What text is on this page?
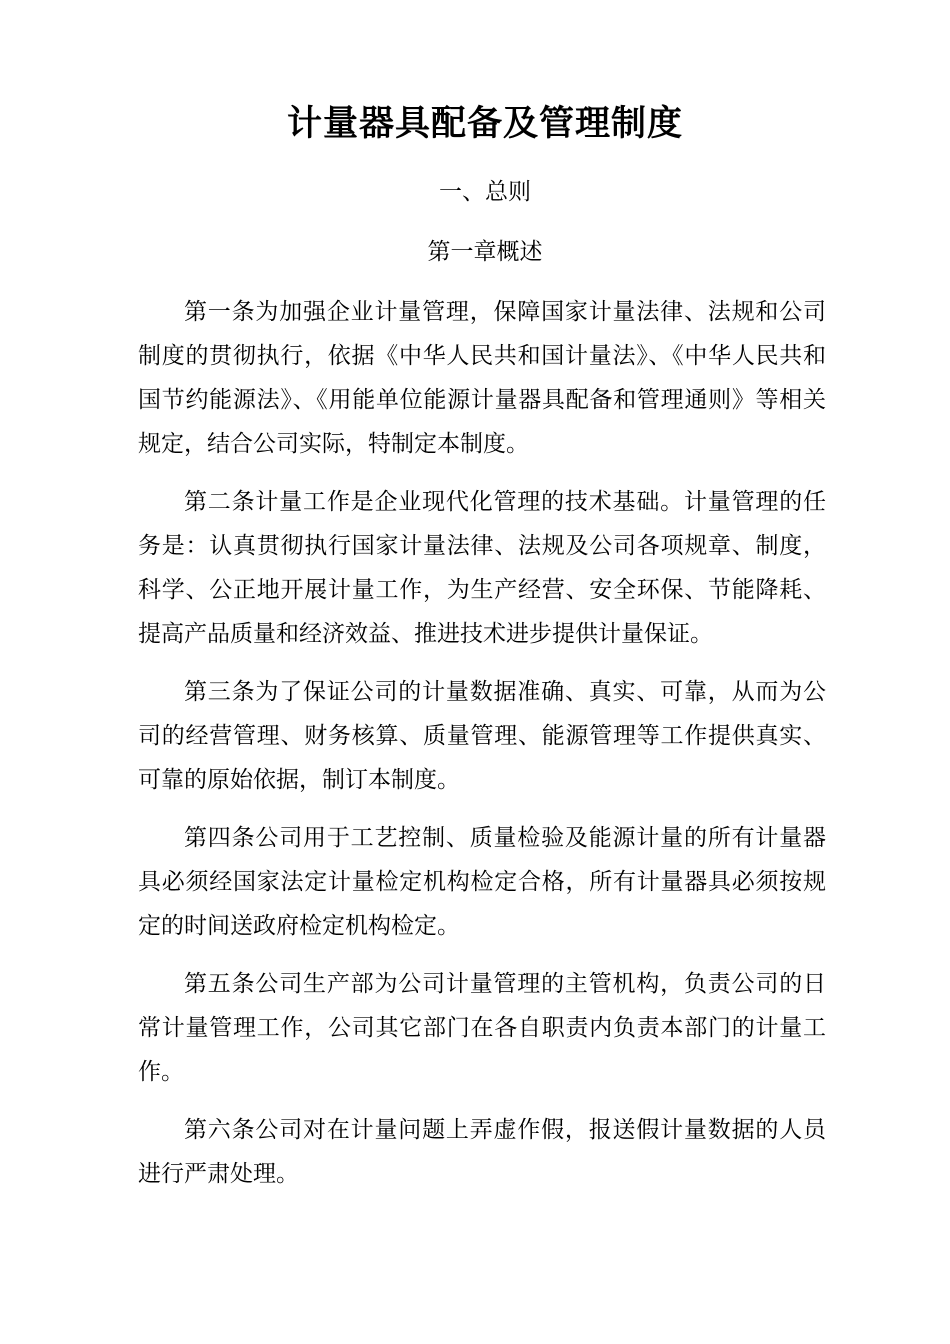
计量器具配备及管理制度

一、总则

第一章概述

第一条为加强企业计量管理，保障国家计量法律、法规和公司制度的贯彻执行，依据《中华人民共和国计量法》、《中华人民共和国节约能源法》、《用能单位能源计量器具配备和管理通则》等相关规定，结合公司实际，特制定本制度。

第二条计量工作是企业现代化管理的技术基础。计量管理的任务是：认真贯彻执行国家计量法律、法规及公司各项规章、制度，科学、公正地开展计量工作，为生产经营、安全环保、节能降耗、提高产品质量和经济效益、推进技术进步提供计量保证。

第三条为了保证公司的计量数据准确、真实、可靠，从而为公司的经营管理、财务核算、质量管理、能源管理等工作提供真实、可靠的原始依据，制订本制度。

第四条公司用于工艺控制、质量检验及能源计量的所有计量器具必须经国家法定计量检定机构检定合格，所有计量器具必须按规定的时间送政府检定机构检定。

第五条公司生产部为公司计量管理的主管机构，负责公司的日常计量管理工作，公司其它部门在各自职责内负责本部门的计量工作。

第六条公司对在计量问题上弄虚作假，报送假计量数据的人员进行严肃处理。
